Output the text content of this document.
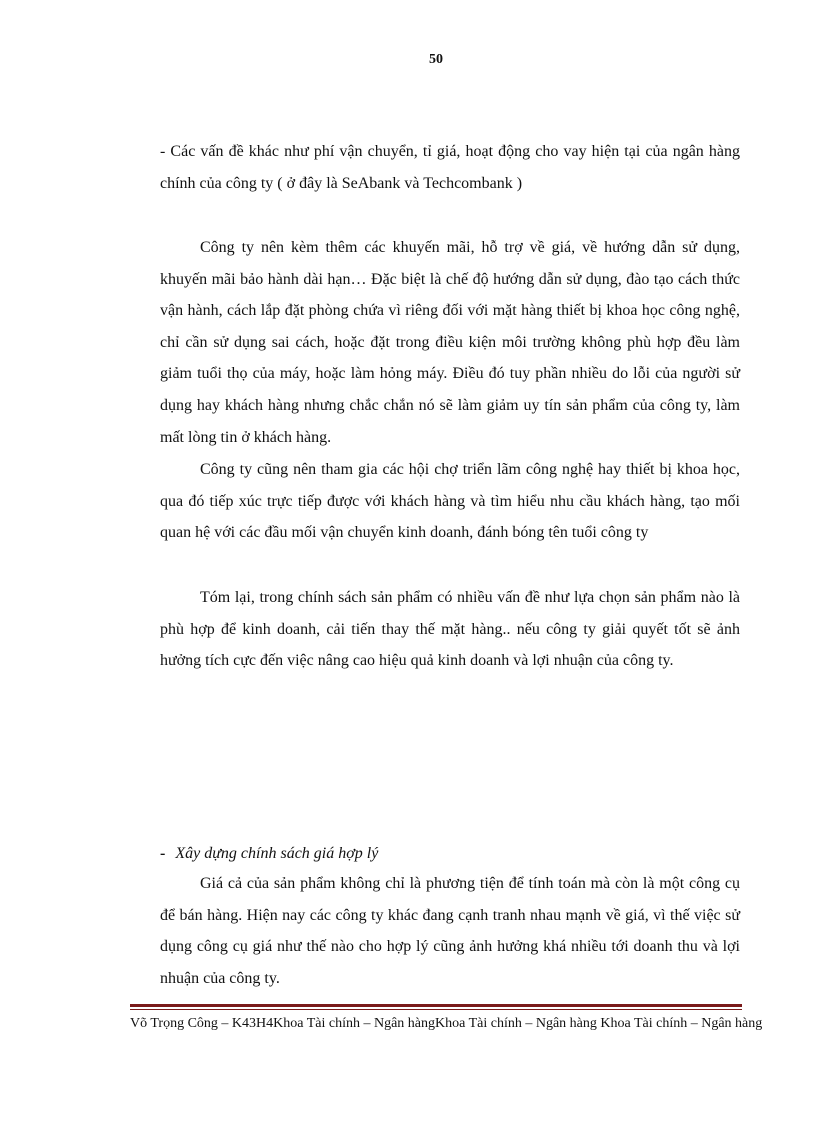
50

- Các vấn đề khác như phí vận chuyển, tỉ giá, hoạt động cho vay hiện tại của ngân hàng chính của công ty ( ở đây là SeAbank và Techcombank )

Công ty nên kèm thêm các khuyến mãi, hỗ trợ về giá, về hướng dẫn sử dụng, khuyến mãi bảo hành dài hạn… Đặc biệt là chế độ hướng dẫn sử dụng, đào tạo cách thức vận hành, cách lắp đặt phòng chứa vì riêng đối với mặt hàng thiết bị khoa học công nghệ, chỉ cần sử dụng sai cách, hoặc đặt trong điều kiện môi trường không phù hợp đều làm giảm tuổi thọ của máy, hoặc làm hỏng máy. Điều đó tuy phần nhiều do lỗi của người sử dụng hay khách hàng nhưng chắc chắn nó sẽ làm giảm uy tín sản phẩm của công ty, làm mất lòng tin ở khách hàng.

Công ty cũng nên tham gia các hội chợ triển lãm công nghệ hay thiết bị khoa học, qua đó tiếp xúc trực tiếp được với khách hàng và tìm hiểu nhu cầu khách hàng, tạo mối quan hệ với các đầu mối vận chuyển kinh doanh, đánh bóng tên tuổi công ty

Tóm lại, trong chính sách sản phẩm có nhiều vấn đề như lựa chọn sản phẩm nào là phù hợp để kinh doanh, cải tiến thay thế mặt hàng.. nếu công ty giải quyết tốt sẽ ảnh hưởng tích cực đến việc nâng cao hiệu quả kinh doanh và lợi nhuận của công ty.

- Xây dựng chính sách giá hợp lý

Giá cả của sản phẩm không chỉ là phương tiện để tính toán mà còn là một công cụ để bán hàng. Hiện nay các công ty khác đang cạnh tranh nhau mạnh về giá, vì thế việc sử dụng công cụ giá như thế nào cho hợp lý cũng ảnh hưởng khá nhiều tới doanh thu và lợi nhuận của công ty.

Võ Trọng Công – K43H4Khoa Tài chính – Ngân hàngKhoa Tài chính – Ngân hàng Khoa Tài chính – Ngân hàng
